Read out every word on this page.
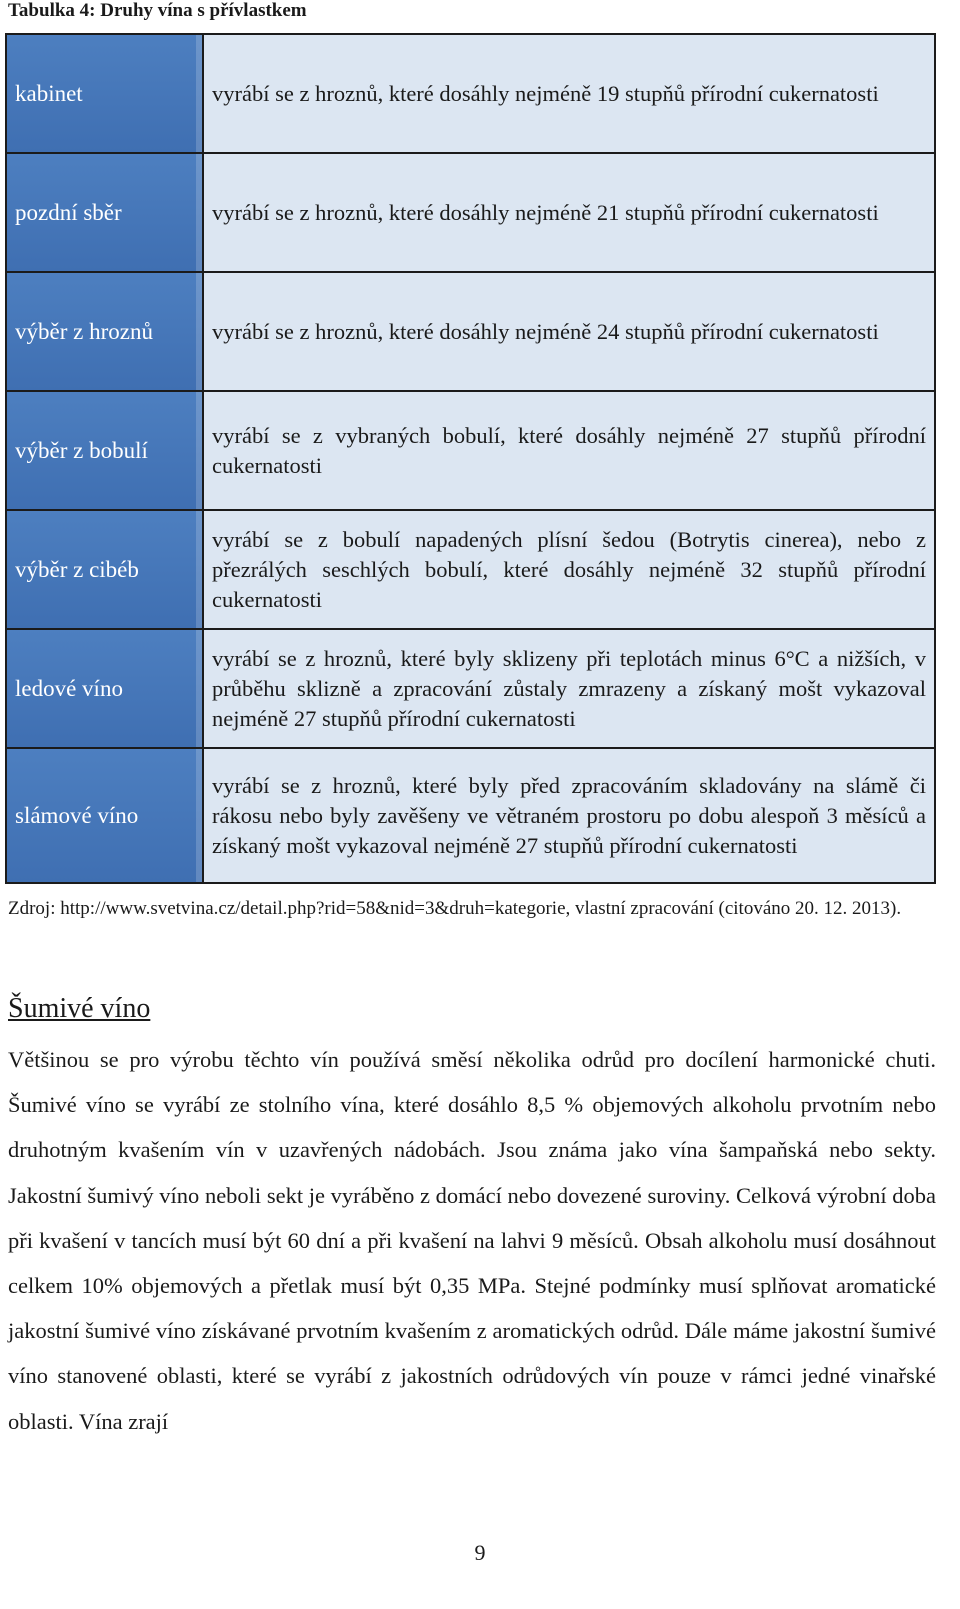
Tabulka 4: Druhy vína s přívlastkem
kabinet	vyrábí se z hroznů, které dosáhly nejméně 19 stupňů přírodní cukernatosti
pozdní sběr	vyrábí se z hroznů, které dosáhly nejméně 21 stupňů přírodní cukernatosti
výběr z hroznů	vyrábí se z hroznů, které dosáhly nejméně 24 stupňů přírodní cukernatosti
výběr z bobulí	vyrábí se z vybraných bobulí, které dosáhly nejméně 27 stupňů přírodní cukernatosti
výběr z cibéb	vyrábí se z bobulí napadených plísní šedou (Botrytis cinerea), nebo z přezrálých seschlých bobulí, které dosáhly nejméně 32 stupňů přírodní cukernatosti
ledové víno	vyrábí se z hroznů, které byly sklizeny při teplotách minus 6°C a nižších, v průběhu sklizně a zpracování zůstaly zmrazeny a získaný mošt vykazoval nejméně 27 stupňů přírodní cukernatosti
slámové víno	vyrábí se z hroznů, které byly před zpracováním skladovány na slámě či rákosu nebo byly zavěšeny ve větraném prostoru po dobu alespoň 3 měsíců a získaný mošt vykazoval nejméně 27 stupňů přírodní cukernatosti
Zdroj: http://www.svetvina.cz/detail.php?rid=58&nid=3&druh=kategorie, vlastní zpracování (citováno 20. 12. 2013).
Šumivé víno
Většinou se pro výrobu těchto vín používá směsí několika odrůd pro docílení harmonické chuti. Šumivé víno se vyrábí ze stolního vína, které dosáhlo 8,5 % objemových alkoholu prvotním nebo druhotným kvašením vín v uzavřených nádobách. Jsou známa jako vína šampaňská nebo sekty. Jakostní šumivý víno neboli sekt je vyráběno z domácí nebo dovezené suroviny. Celková výrobní doba při kvašení v tancích musí být 60 dní a při kvašení na lahvi 9 měsíců. Obsah alkoholu musí dosáhnout celkem 10% objemových a přetlak musí být 0,35 MPa. Stejné podmínky musí splňovat aromatické jakostní šumivé víno získávané prvotním kvašením z aromatických odrůd. Dále máme jakostní šumivé víno stanovené oblasti, které se vyrábí z jakostních odrůdových vín pouze v rámci jedné vinařské oblasti. Vína zrají
9
